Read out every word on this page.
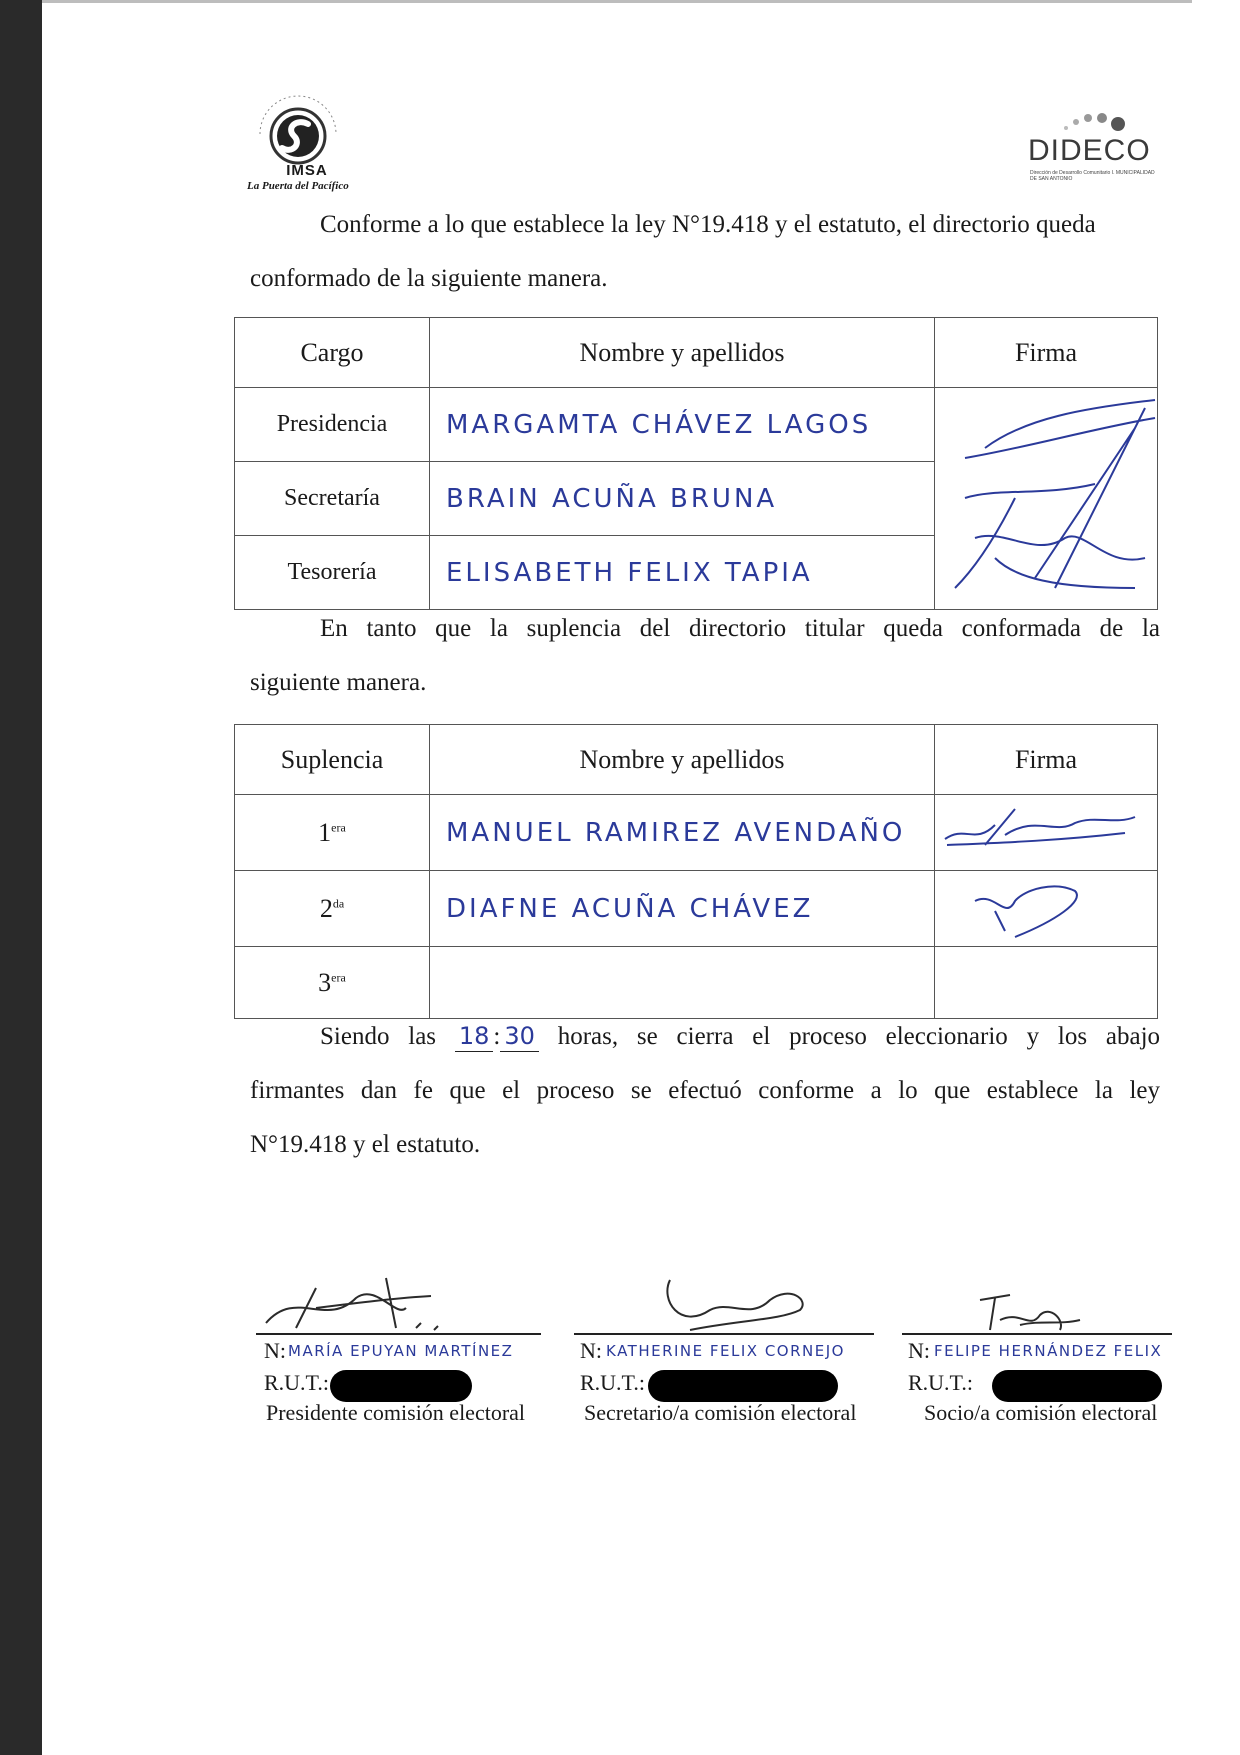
IMSA
La Puerta del Pacífico
DIDECO
Dirección de Desarrollo Comunitario I. MUNICIPALIDAD DE SAN ANTONIO
Conforme a lo que establece la ley N°19.418 y el estatuto, el directorio queda
conformado de la siguiente manera.
Cargo	Nombre y apellidos	Firma
Presidencia	MARGAMTA CHÁVEZ LAGOS	
Secretaría	BRAIN ACUÑA BRUNA	
Tesorería	ELISABETH FELIX TAPIA	
En tanto que la suplencia del directorio titular queda conformada de la
siguiente manera.
Suplencia	Nombre y apellidos	Firma
$1^{era}$	MANUEL RAMIREZ AVENDAÑO	
$2^{da}$	DIAFNE ACUÑA CHÁVEZ	
$3^{era}$		
Siendo las 18 : 30 horas, se cierra el proceso eleccionario y los abajo
firmantes dan fe que el proceso se efectuó conforme a lo que establece la ley
N°19.418 y el estatuto.
N: MARÍA EPUYAN MARTÍNEZ
R.U.T.:
Presidente comisión electoral
N: KATHERINE FELIX CORNEJO
R.U.T.:
Secretario/a comisión electoral
N: FELIPE HERNÁNDEZ FELIX
R.U.T.:
Socio/a comisión electoral
